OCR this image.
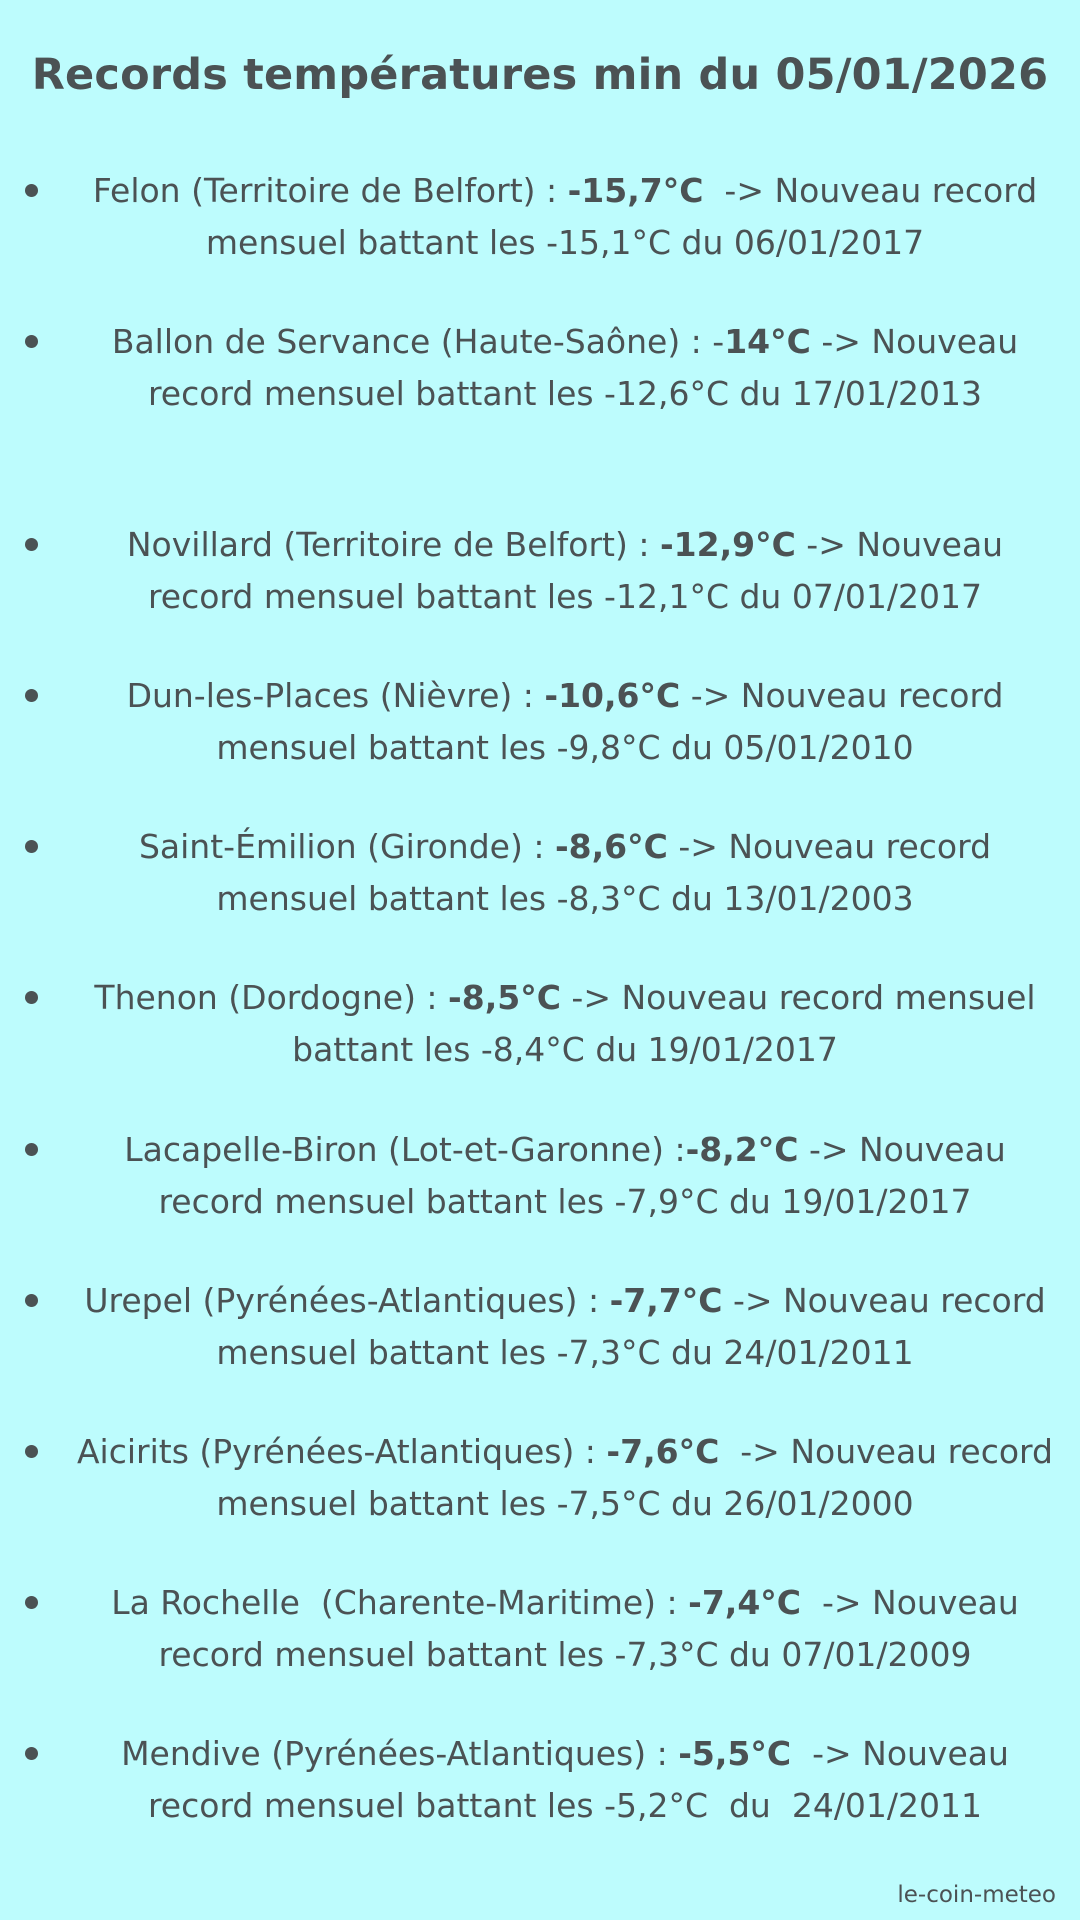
Records températures min du 05/01/2026
Felon (Territoire de Belfort) : -15,7°C  -> Nouveau record
mensuel battant les -15,1°C du 06/01/2017
Ballon de Servance (Haute-Saône) : -14°C -> Nouveau
record mensuel battant les -12,6°C du 17/01/2013
Novillard (Territoire de Belfort) : -12,9°C -> Nouveau
record mensuel battant les -12,1°C du 07/01/2017
Dun-les-Places (Nièvre) : -10,6°C -> Nouveau record
mensuel battant les -9,8°C du 05/01/2010
Saint-Émilion (Gironde) : -8,6°C -> Nouveau record
mensuel battant les -8,3°C du 13/01/2003
Thenon (Dordogne) : -8,5°C -> Nouveau record mensuel
battant les -8,4°C du 19/01/2017
Lacapelle-Biron (Lot-et-Garonne) :-8,2°C -> Nouveau
record mensuel battant les -7,9°C du 19/01/2017
Urepel (Pyrénées-Atlantiques) : -7,7°C -> Nouveau record
mensuel battant les -7,3°C du 24/01/2011
Aicirits (Pyrénées-Atlantiques) : -7,6°C  -> Nouveau record
mensuel battant les -7,5°C du 26/01/2000
La Rochelle  (Charente-Maritime) : -7,4°C  -> Nouveau
record mensuel battant les -7,3°C du 07/01/2009
Mendive (Pyrénées-Atlantiques) : -5,5°C  -> Nouveau
record mensuel battant les -5,2°C  du  24/01/2011
le-coin-meteo
